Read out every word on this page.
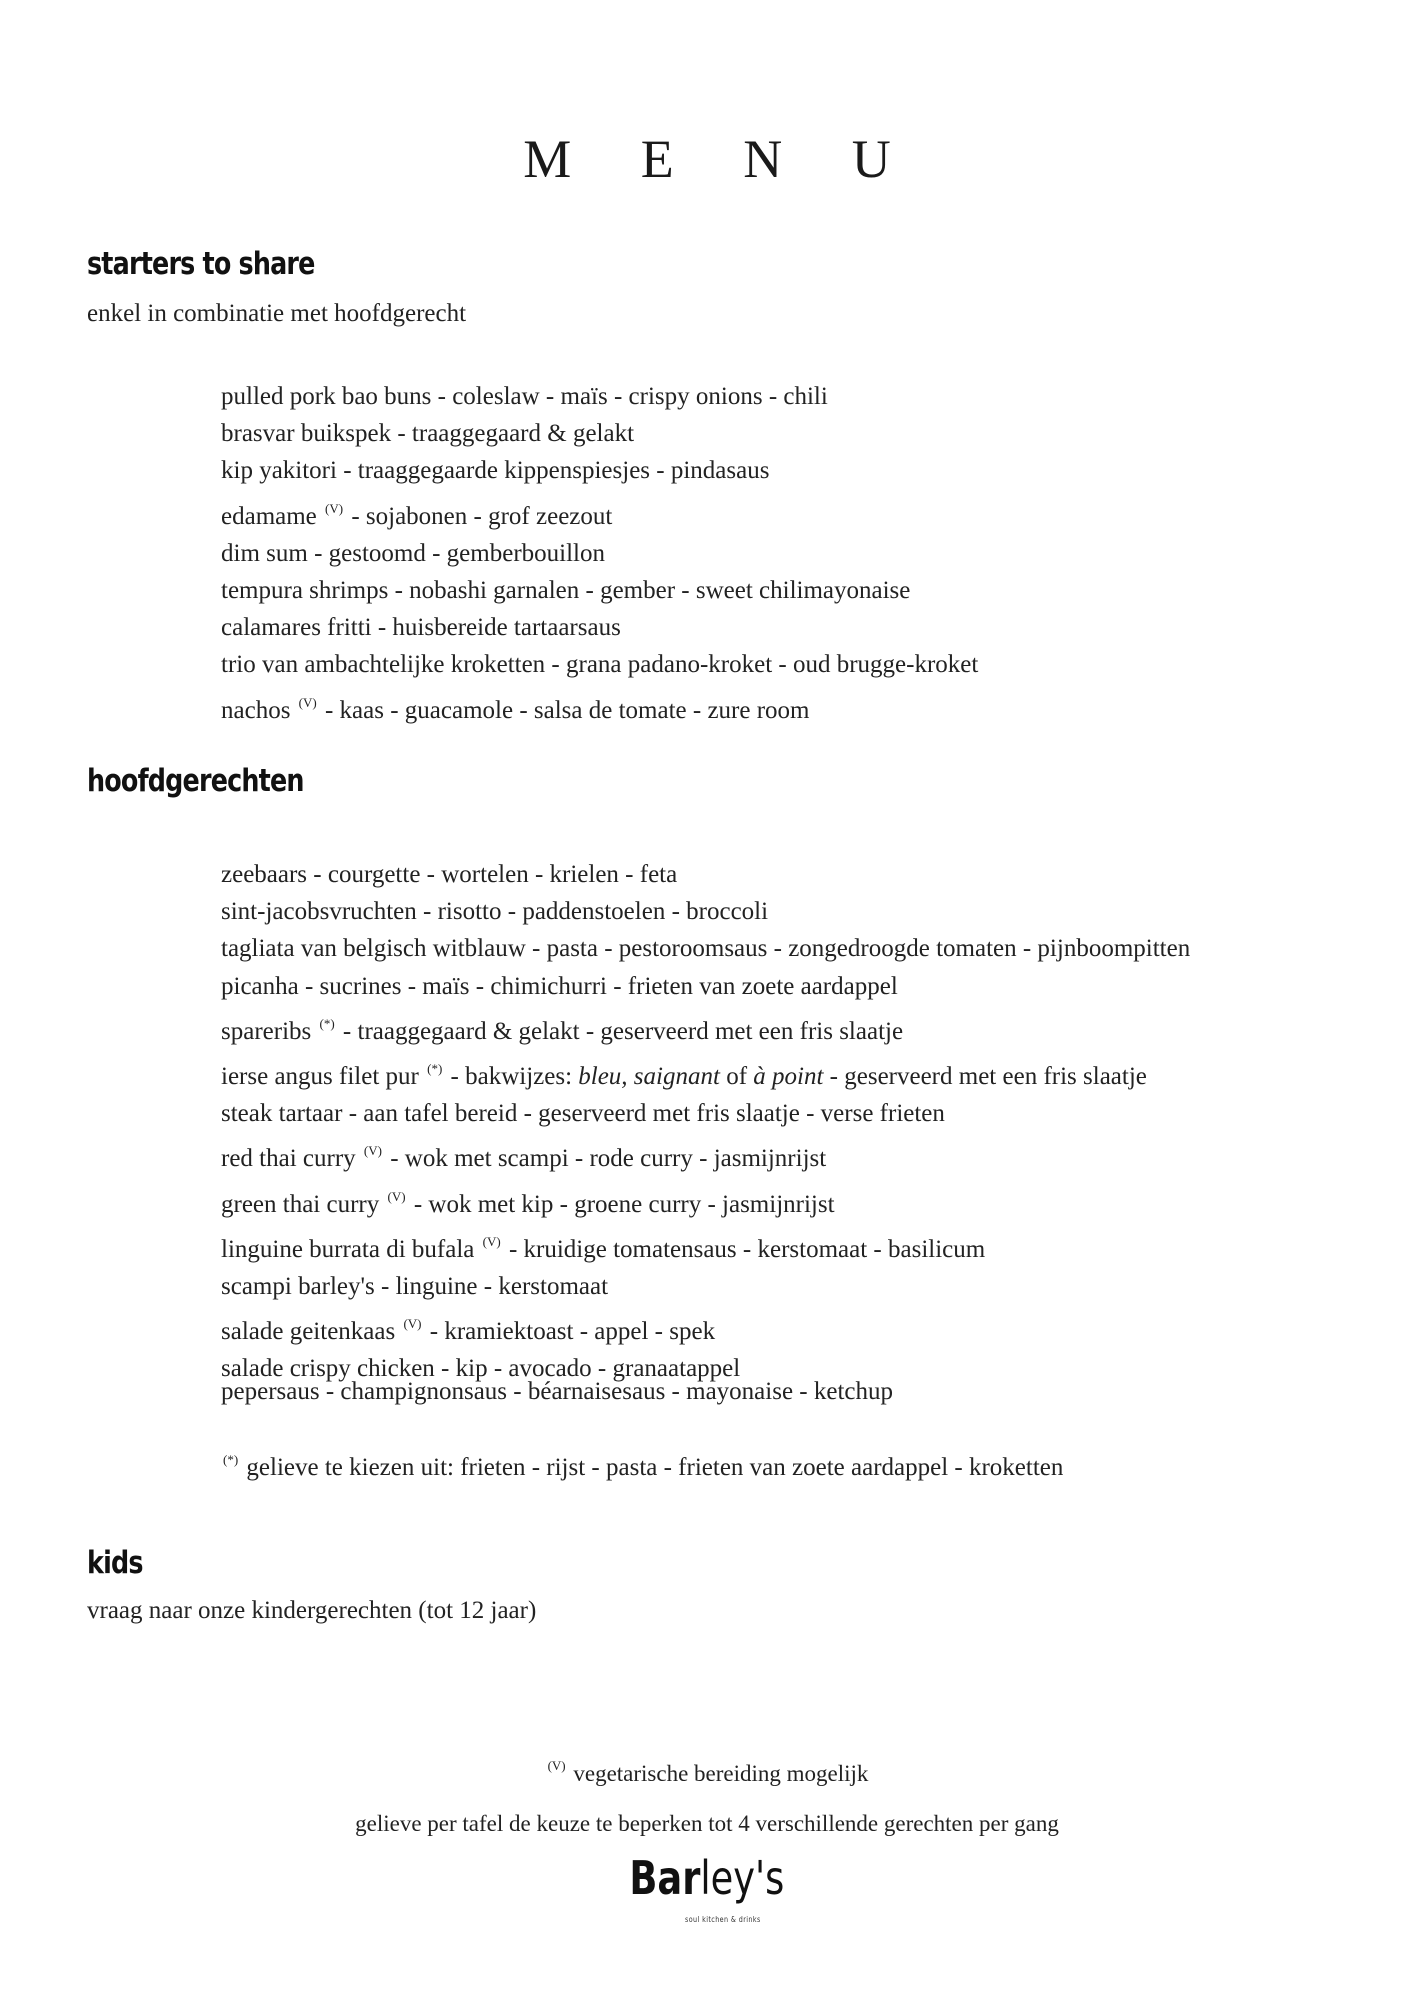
M E N U
starters to share

enkel in combinatie met hoofdgerecht

pulled pork bao buns - coleslaw - maïs - crispy onions - chili
brasvar buikspek - traaggegaard & gelakt
kip yakitori - traaggegaarde kippenspiesjes - pindasaus
edamame $^{(V)}$ - sojabonen - grof zeezout
dim sum - gestoomd - gemberbouillon
tempura shrimps - nobashi garnalen - gember - sweet chilimayonaise
calamares fritti - huisbereide tartaarsaus
trio van ambachtelijke kroketten - grana padano-kroket - oud brugge-kroket
nachos $^{(V)}$ - kaas - guacamole - salsa de tomate - zure room
hoofdgerechten
zeebaars - courgette - wortelen - krielen - feta
sint-jacobsvruchten - risotto - paddenstoelen - broccoli
tagliata van belgisch witblauw - pasta - pestoroomsaus - zongedroogde tomaten - pijnboompitten
picanha - sucrines - maïs - chimichurri - frieten van zoete aardappel
spareribs (*) - traaggegaard & gelakt - geserveerd met een fris slaatje
ierse angus filet pur (*) - bakwijzes: bleu, saignant of à point - geserveerd met een fris slaatje
steak tartaar - aan tafel bereid - geserveerd met fris slaatje - verse frieten
red thai curry $^{(V)}$ - wok met scampi - rode curry - jasmijnrijst
green thai curry $^{(V)}$ - wok met kip - groene curry - jasmijnrijst
linguine burrata di bufala $^{(V)}$ - kruidige tomatensaus - kerstomaat - basilicum
scampi barley's - linguine - kerstomaat
salade geitenkaas $^{(V)}$ - kramiektoast - appel - spek
salade crispy chicken - kip - avocado - granaatappel

pepersaus - champignonsaus - béarnaisesaus - mayonaise - ketchup

(*) gelieve te kiezen uit: frieten - rijst - pasta - frieten van zoete aardappel - kroketten

kids

vraag naar onze kindergerechten (tot 12 jaar)

$^{(V)}$ vegetarische bereiding mogelijk

gelieve per tafel de keuze te beperken tot 4 verschillende gerechten per gang

Barley's
soul kitchen & drinks
